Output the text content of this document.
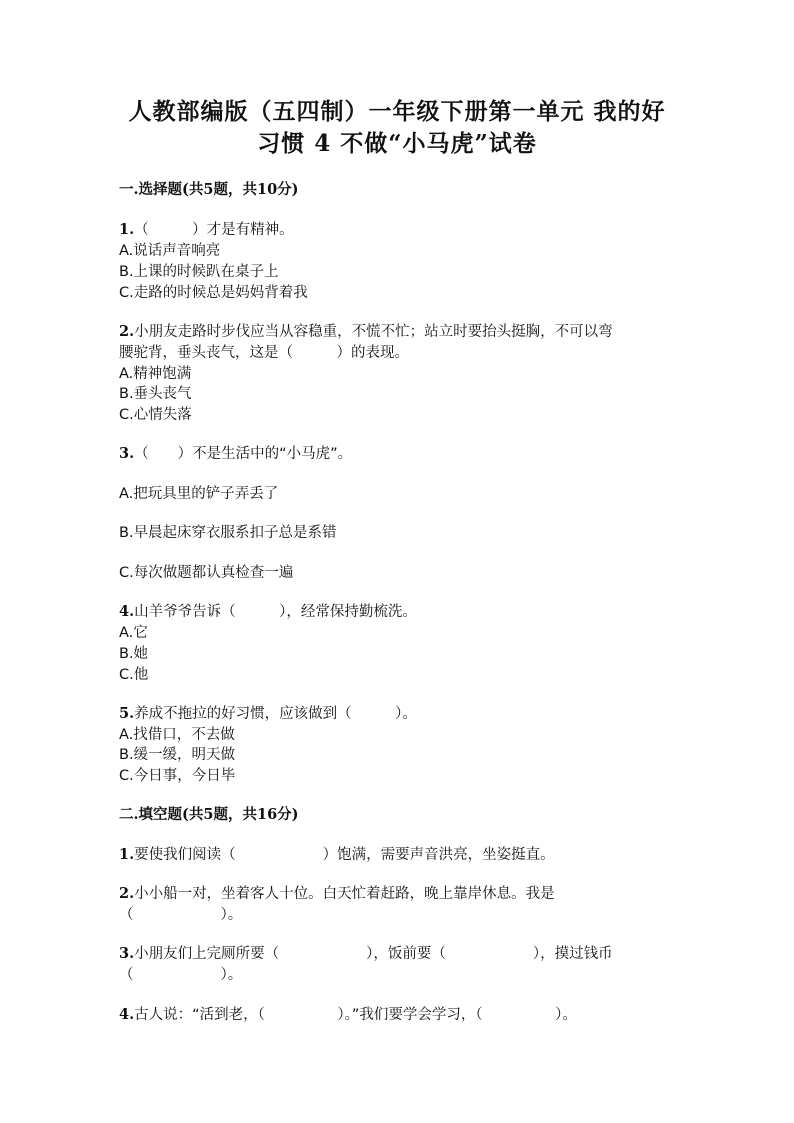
人教部编版（五四制）一年级下册第一单元 我的好
习惯 4 不做“小马虎”试卷
一.选择题(共5题，共10分)
1.（　　　）才是有精神。
A.说话声音响亮
B.上课的时候趴在桌子上
C.走路的时候总是妈妈背着我
2.小朋友走路时步伐应当从容稳重，不慌不忙；站立时要抬头挺胸，不可以弯
腰驼背，垂头丧气，这是（　　　）的表现。
A.精神饱满
B.垂头丧气
C.心情失落
3.（　　）不是生活中的“小马虎”。
A.把玩具里的铲子弄丢了
B.早晨起床穿衣服系扣子总是系错
C.每次做题都认真检查一遍
4.山羊爷爷告诉（　　　），经常保持勤梳洗。
A.它
B.她
C.他
5.养成不拖拉的好习惯，应该做到（　　　）。
A.找借口，不去做
B.缓一缓，明天做
C.今日事，今日毕
二.填空题(共5题，共16分)
1.要使我们阅读（　　　　　　）饱满，需要声音洪亮，坐姿挺直。
2.小小船一对，坐着客人十位。白天忙着赶路，晚上靠岸休息。我是
（　　　　　　）。
3.小朋友们上完厕所要（　　　　　　），饭前要（　　　　　　），摸过钱币
（　　　　　　）。
4.古人说：“活到老，（　　　　　）。”我们要学会学习，（　　　　　）。
